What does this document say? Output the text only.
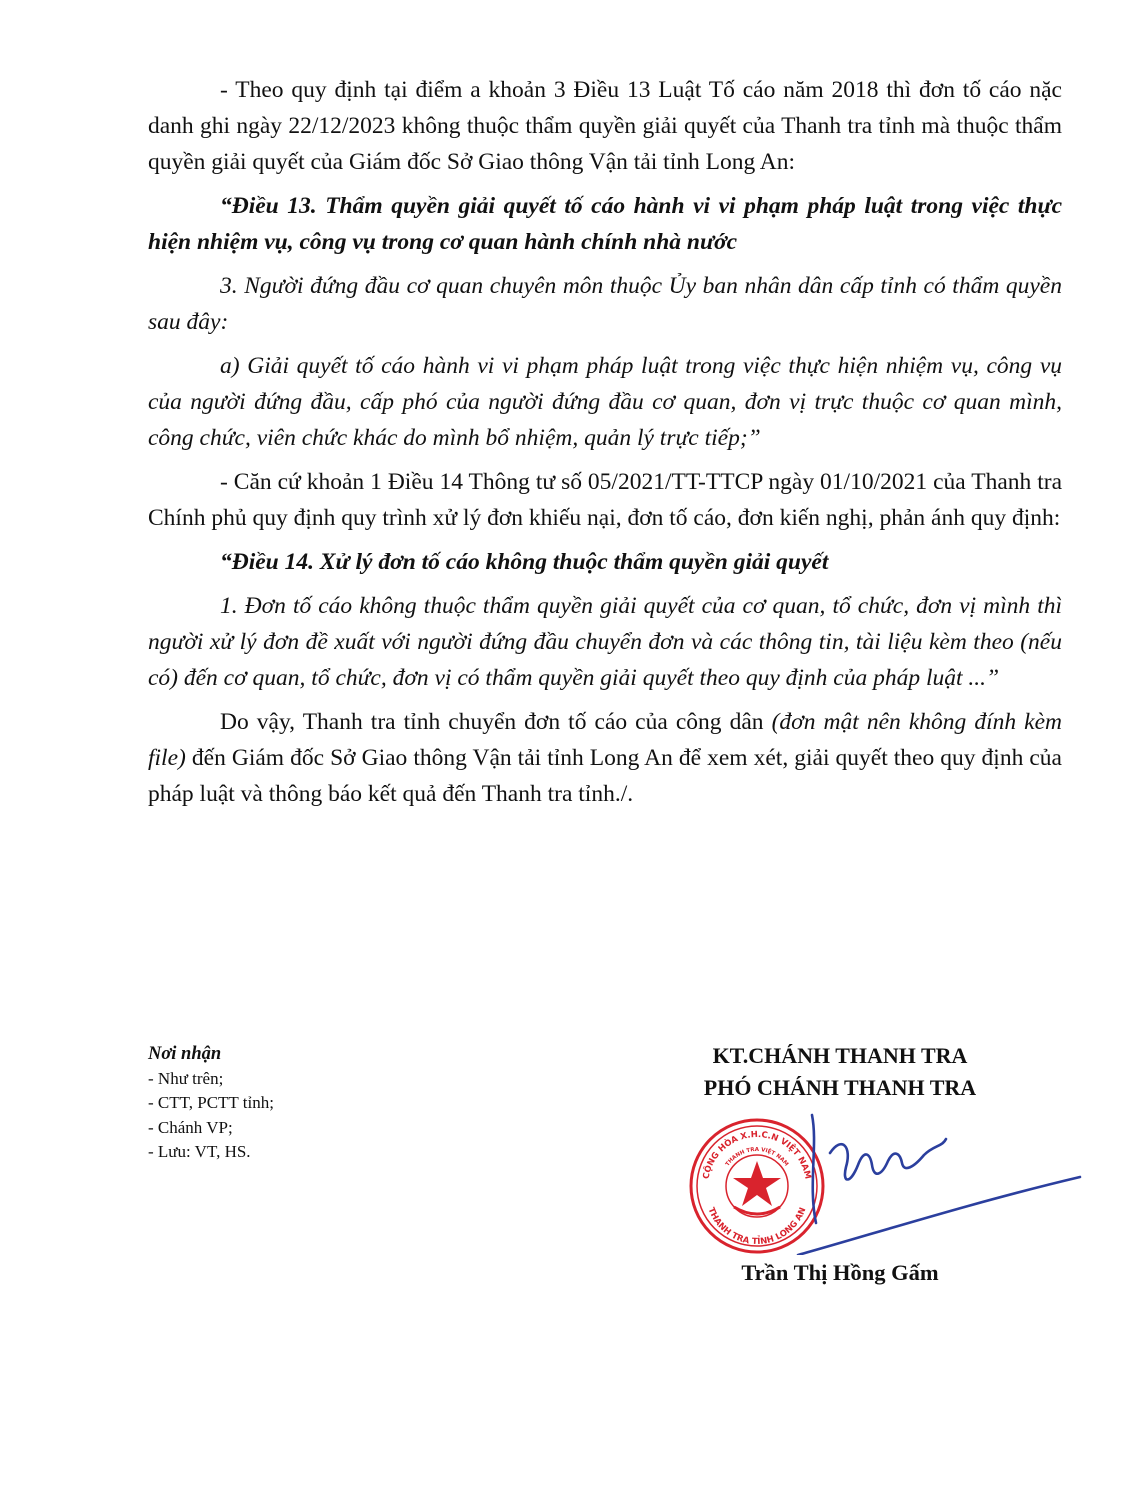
- Theo quy định tại điểm a khoản 3 Điều 13 Luật Tố cáo năm 2018 thì đơn tố cáo nặc danh ghi ngày 22/12/2023 không thuộc thẩm quyền giải quyết của Thanh tra tỉnh mà thuộc thẩm quyền giải quyết của Giám đốc Sở Giao thông Vận tải tỉnh Long An:

“Điều 13. Thẩm quyền giải quyết tố cáo hành vi vi phạm pháp luật trong việc thực hiện nhiệm vụ, công vụ trong cơ quan hành chính nhà nước

3. Người đứng đầu cơ quan chuyên môn thuộc Ủy ban nhân dân cấp tỉnh có thẩm quyền sau đây:

a) Giải quyết tố cáo hành vi vi phạm pháp luật trong việc thực hiện nhiệm vụ, công vụ của người đứng đầu, cấp phó của người đứng đầu cơ quan, đơn vị trực thuộc cơ quan mình, công chức, viên chức khác do mình bổ nhiệm, quản lý trực tiếp;”

- Căn cứ khoản 1 Điều 14 Thông tư số 05/2021/TT-TTCP ngày 01/10/2021 của Thanh tra Chính phủ quy định quy trình xử lý đơn khiếu nại, đơn tố cáo, đơn kiến nghị, phản ánh quy định:

“Điều 14. Xử lý đơn tố cáo không thuộc thẩm quyền giải quyết

1. Đơn tố cáo không thuộc thẩm quyền giải quyết của cơ quan, tổ chức, đơn vị mình thì người xử lý đơn đề xuất với người đứng đầu chuyển đơn và các thông tin, tài liệu kèm theo (nếu có) đến cơ quan, tổ chức, đơn vị có thẩm quyền giải quyết theo quy định của pháp luật ...”

Do vậy, Thanh tra tỉnh chuyển đơn tố cáo của công dân (đơn mật nên không đính kèm file) đến Giám đốc Sở Giao thông Vận tải tỉnh Long An để xem xét, giải quyết theo quy định của pháp luật và thông báo kết quả đến Thanh tra tỉnh./.

Nơi nhận
- Như trên;
- CTT, PCTT tỉnh;
- Chánh VP;
- Lưu: VT, HS.
KT.CHÁNH THANH TRA
PHÓ CHÁNH THANH TRA
CỘNG HÒA X.H.C.N VIỆT NAM
THANH TRA VIỆT NAM
THANH TRA TỈNH LONG AN
Trần Thị Hồng Gấm
